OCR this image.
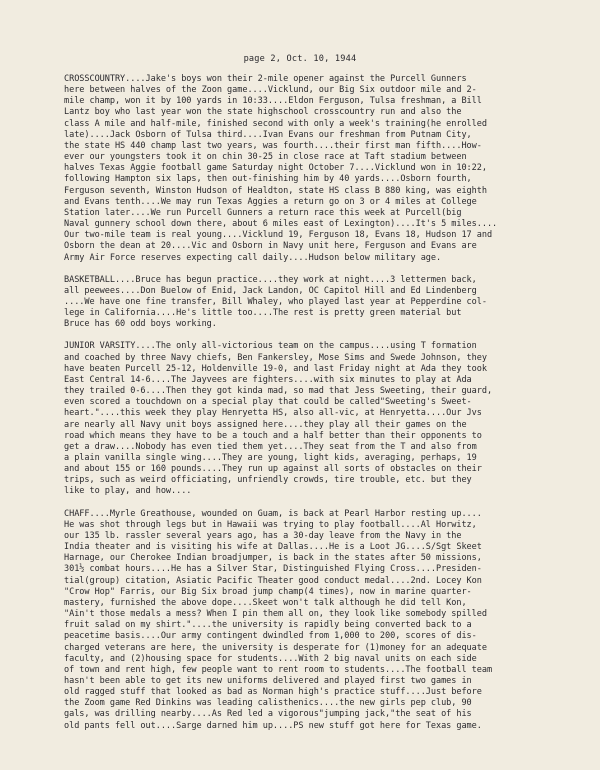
page 2, Oct. 10, 1944

CROSSCOUNTRY....Jake's boys won their 2-mile opener against the Purcell Gunners

here between halves of the Zoon game....Vicklund, our Big Six outdoor mile and 2-

mile champ, won it by 100 yards in 10:33....Eldon Ferguson, Tulsa freshman, a Bill

Lantz boy who last year won the state highschool crosscountry run and also the

class A mile and half-mile, finished second with only a week's training(he enrolled

late)....Jack Osborn of Tulsa third....Ivan Evans our freshman from Putnam City,

the state HS 440 champ last two years, was fourth....their first man fifth....How-

ever our youngsters took it on chin 30-25 in close race at Taft stadium between

halves Texas Aggie football game Saturday night October 7....Vicklund won in 10:22,

following Hampton six laps, then out-finishing him by 40 yards....Osborn fourth,

Ferguson seventh, Winston Hudson of Healdton, state HS class B 880 king, was eighth

and Evans tenth....We may run Texas Aggies a return go on 3 or 4 miles at College

Station later....We run Purcell Gunners a return race this week at Purcell(big

Naval gunnery school down there, about 6 miles east of Lexington)....It's 5 miles....

Our two-mile team is real young....Vicklund 19, Ferguson 18, Evans 18, Hudson 17 and

Osborn the dean at 20....Vic and Osborn in Navy unit here, Ferguson and Evans are

Army Air Force reserves expecting call daily....Hudson below military age.

BASKETBALL....Bruce has begun practice....they work at night....3 lettermen back,

all peewees....Don Buelow of Enid, Jack Landon, OC Capitol Hill and Ed Lindenberg

....We have one fine transfer, Bill Whaley, who played last year at Pepperdine col-

lege in California....He's little too....The rest is pretty green material but

Bruce has 60 odd boys working.

JUNIOR VARSITY....The only all-victorious team on the campus....using T formation

and coached by three Navy chiefs, Ben Fankersley, Mose Sims and Swede Johnson, they

have beaten Purcell 25-12, Holdenville 19-0, and last Friday night at Ada they took

East Central 14-6....The Jayvees are fighters....with six minutes to play at Ada

they trailed 0-6....Then they got kinda mad, so mad that Jess Sweeting, their guard,

even scored a touchdown on a special play that could be called"Sweeting's Sweet-

heart."....this week they play Henryetta HS, also all-vic, at Henryetta....Our Jvs

are nearly all Navy unit boys assigned here....they play all their games on the

road which means they have to be a touch and a half better than their opponents to

get a draw....Nobody has even tied them yet....They seat from the T and also from

a plain vanilla single wing....They are young, light kids, averaging, perhaps, 19

and about 155 or 160 pounds....They run up against all sorts of obstacles on their

trips, such as weird officiating, unfriendly crowds, tire trouble, etc. but they

like to play, and how....

CHAFF....Myrle Greathouse, wounded on Guam, is back at Pearl Harbor resting up....

He was shot through legs but in Hawaii was trying to play football....Al Horwitz,

our 135 lb. rassler several years ago, has a 30-day leave from the Navy in the

India theater and is visiting his wife at Dallas....He is a Loot JG....S/Sgt Skeet

Harnage, our Cherokee Indian broadjumper, is back in the states after 50 missions,

301½ combat hours....He has a Silver Star, Distinguished Flying Cross....Presiden-

tial(group) citation, Asiatic Pacific Theater good conduct medal....2nd. Locey Kon

"Crow Hop" Farris, our Big Six broad jump champ(4 times), now in marine quarter-

mastery, furnished the above dope....Skeet won't talk although he did tell Kon,

"Ain't those medals a mess? When I pin them all on, they look like somebody spilled

fruit salad on my shirt."....the university is rapidly being converted back to a

peacetime basis....Our army contingent dwindled from 1,000 to 200, scores of dis-

charged veterans are here, the university is desperate for (1)money for an adequate

faculty, and (2)housing space for students....With 2 big naval units on each side

of town and rent high, few people want to rent room to students....The football team

hasn't been able to get its new uniforms delivered and played first two games in

old ragged stuff that looked as bad as Norman high's practice stuff....Just before

the Zoom game Red Dinkins was leading calisthenics....the new girls pep club, 90

gals, was drilling nearby....As Red led a vigorous"jumping jack,"the seat of his

old pants fell out....Sarge darned him up....PS new stuff got here for Texas game.
